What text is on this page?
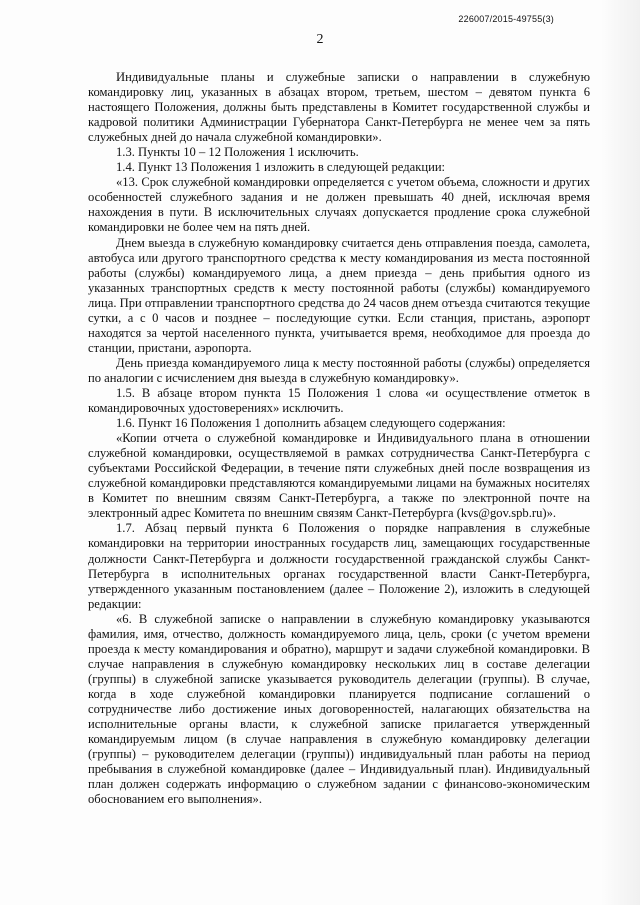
226007/2015-49755(3)
2

Индивидуальные планы и служебные записки о направлении в служебную командировку лиц, указанных в абзацах втором, третьем, шестом – девятом пункта 6 настоящего Положения, должны быть представлены в Комитет государственной службы и кадровой политики Администрации Губернатора Санкт-Петербурга не менее чем за пять служебных дней до начала служебной командировки».

1.3. Пункты 10 – 12 Положения 1 исключить.

1.4. Пункт 13 Положения 1 изложить в следующей редакции:

«13. Срок служебной командировки определяется с учетом объема, сложности и других особенностей служебного задания и не должен превышать 40 дней, исключая время нахождения в пути. В исключительных случаях допускается продление срока служебной командировки не более чем на пять дней.

Днем выезда в служебную командировку считается день отправления поезда, самолета, автобуса или другого транспортного средства к месту командирования из места постоянной работы (службы) командируемого лица, а днем приезда – день прибытия одного из указанных транспортных средств к месту постоянной работы (службы) командируемого лица. При отправлении транспортного средства до 24 часов днем отъезда считаются текущие сутки, а с 0 часов и позднее – последующие сутки. Если станция, пристань, аэропорт находятся за чертой населенного пункта, учитывается время, необходимое для проезда до станции, пристани, аэропорта.

День приезда командируемого лица к месту постоянной работы (службы) определяется по аналогии с исчислением дня выезда в служебную командировку».

1.5. В абзаце втором пункта 15 Положения 1 слова «и осуществление отметок в командировочных удостоверениях» исключить.

1.6. Пункт 16 Положения 1 дополнить абзацем следующего содержания:

«Копии отчета о служебной командировке и Индивидуального плана в отношении служебной командировки, осуществляемой в рамках сотрудничества Санкт-Петербурга с субъектами Российской Федерации, в течение пяти служебных дней после возвращения из служебной командировки представляются командируемыми лицами на бумажных носителях в Комитет по внешним связям Санкт-Петербурга, а также по электронной почте на электронный адрес Комитета по внешним связям Санкт-Петербурга (kvs@gov.spb.ru)».

1.7. Абзац первый пункта 6 Положения о порядке направления в служебные командировки на территории иностранных государств лиц, замещающих государственные должности Санкт-Петербурга и должности государственной гражданской службы Санкт-Петербурга в исполнительных органах государственной власти Санкт-Петербурга, утвержденного указанным постановлением (далее – Положение 2), изложить в следующей редакции:

«6. В служебной записке о направлении в служебную командировку указываются фамилия, имя, отчество, должность командируемого лица, цель, сроки (с учетом времени проезда к месту командирования и обратно), маршрут и задачи служебной командировки. В случае направления в служебную командировку нескольких лиц в составе делегации (группы) в служебной записке указывается руководитель делегации (группы). В случае, когда в ходе служебной командировки планируется подписание соглашений о сотрудничестве либо достижение иных договоренностей, налагающих обязательства на исполнительные органы власти, к служебной записке прилагается утвержденный командируемым лицом (в случае направления в служебную командировку делегации (группы) – руководителем делегации (группы)) индивидуальный план работы на период пребывания в служебной командировке (далее – Индивидуальный план). Индивидуальный план должен содержать информацию о служебном задании с финансово-экономическим обоснованием его выполнения».
